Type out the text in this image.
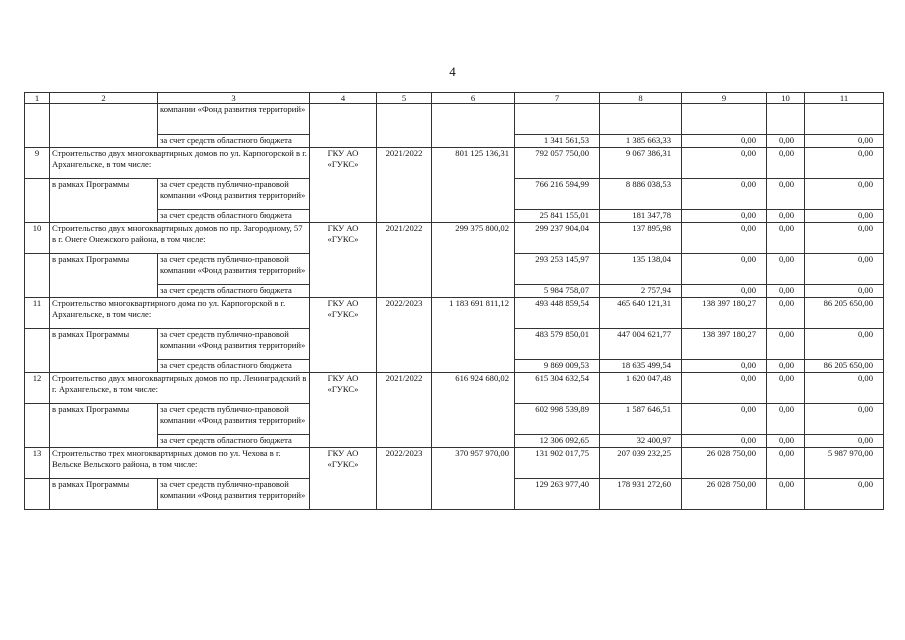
4
1	2	3	4	5	6	7	8	9	10	11
		компании «Фонд развития территорий»								
		за счет средств областного бюджета				1 341 561,53	1 385 663,33	0,00	0,00	0,00
9	Строительство двух многоквартирных домов по ул. Карпогорской в г. Архангельске, в том числе:		ГКУ АО «ГУКС»	2021/2022	801 125 136,31	792 057 750,00	9 067 386,31	0,00	0,00	0,00
	в рамках Программы	за счет средств публично-правовой компании «Фонд развития территорий»				766 216 594,99	8 886 038,53	0,00	0,00	0,00
		за счет средств областного бюджета				25 841 155,01	181 347,78	0,00	0,00	0,00
10	Строительство двух многоквартирных домов по пр. Загородному, 57 в г. Онеге Онежского района, в том числе:		ГКУ АО «ГУКС»	2021/2022	299 375 800,02	299 237 904,04	137 895,98	0,00	0,00	0,00
	в рамках Программы	за счет средств публично-правовой компании «Фонд развития территорий»				293 253 145,97	135 138,04	0,00	0,00	0,00
		за счет средств областного бюджета				5 984 758,07	2 757,94	0,00	0,00	0,00
11	Строительство многоквартирного дома по ул. Карпогорской в г. Архангельске, в том числе:		ГКУ АО «ГУКС»	2022/2023	1 183 691 811,12	493 448 859,54	465 640 121,31	138 397 180,27	0,00	86 205 650,00
	в рамках Программы	за счет средств публично-правовой компании «Фонд развития территорий»				483 579 850,01	447 004 621,77	138 397 180,27	0,00	0,00
		за счет средств областного бюджета				9 869 009,53	18 635 499,54	0,00	0,00	86 205 650,00
12	Строительство двух многоквартирных домов по пр. Ленинградский в г. Архангельске, в том числе:		ГКУ АО «ГУКС»	2021/2022	616 924 680,02	615 304 632,54	1 620 047,48	0,00	0,00	0,00
	в рамках Программы	за счет средств публично-правовой компании «Фонд развития территорий»				602 998 539,89	1 587 646,51	0,00	0,00	0,00
		за счет средств областного бюджета				12 306 092,65	32 400,97	0,00	0,00	0,00
13	Строительство трех многоквартирных домов по ул. Чехова в г. Вельске Вельского района, в том числе:		ГКУ АО «ГУКС»	2022/2023	370 957 970,00	131 902 017,75	207 039 232,25	26 028 750,00	0,00	5 987 970,00
	в рамках Программы	за счет средств публично-правовой компании «Фонд развития территорий»				129 263 977,40	178 931 272,60	26 028 750,00	0,00	0,00
